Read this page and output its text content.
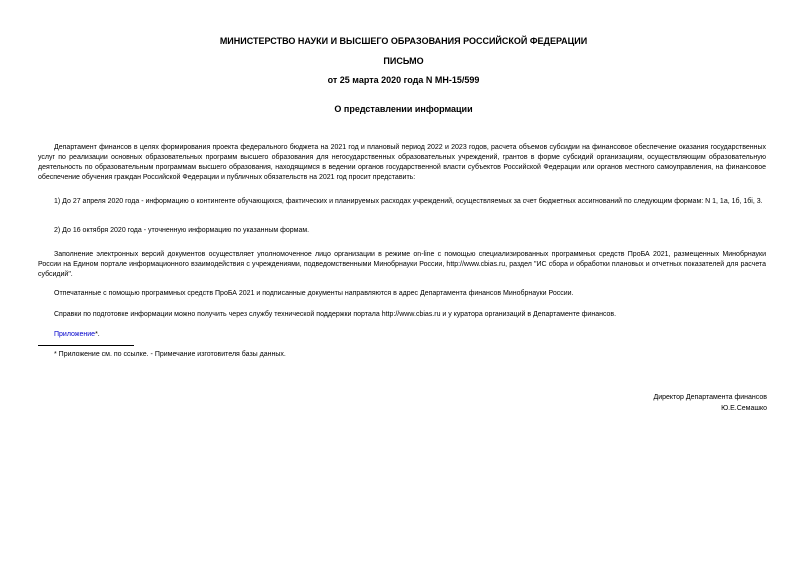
МИНИСТЕРСТВО НАУКИ И ВЫСШЕГО ОБРАЗОВАНИЯ РОССИЙСКОЙ ФЕДЕРАЦИИ
ПИСЬМО
от 25 марта 2020 года N МН-15/599
О представлении информации

Департамент финансов в целях формирования проекта федерального бюджета на 2021 год и плановый период 2022 и 2023 годов, расчета объемов субсидии на финансовое обеспечение оказания государственных услуг по реализации основных образовательных программ высшего образования для негосударственных образовательных учреждений, грантов в форме субсидий организациям, осуществляющим образовательную деятельность по образовательным программам высшего образования, находящимся в ведении органов государственной власти субъектов Российской Федерации или органов местного самоуправления, на финансовое обеспечение обучения граждан Российской Федерации и публичных обязательств на 2021 год просит представить:

1) До 27 апреля 2020 года - информацию о контингенте обучающихся, фактических и планируемых расходах учреждений, осуществляемых за счет бюджетных ассигнований по следующим формам: N 1, 1а, 1б, 1бі, 3.

2) До 16 октября 2020 года - уточненную информацию по указанным формам.

Заполнение электронных версий документов осуществляет уполномоченное лицо организации в режиме on-line с помощью специализированных программных средств ПроБА 2021, размещенных Минобрнауки России на Едином портале информационного взаимодействия с учреждениями, подведомственными Минобрнауки России, http://www.cbias.ru, раздел "ИС сбора и обработки плановых и отчетных показателей для расчета субсидий".

Отпечатанные с помощью программных средств ПроБА 2021 и подписанные документы направляются в адрес Департамента финансов Минобрнауки России.

Справки по подготовке информации можно получить через службу технической поддержки портала http://www.cbias.ru и у куратора организаций в Департаменте финансов.

Приложение*.

* Приложение см. по ссылке. - Примечание изготовителя базы данных.

Директор Департамента финансов
Ю.Е.Семашко
